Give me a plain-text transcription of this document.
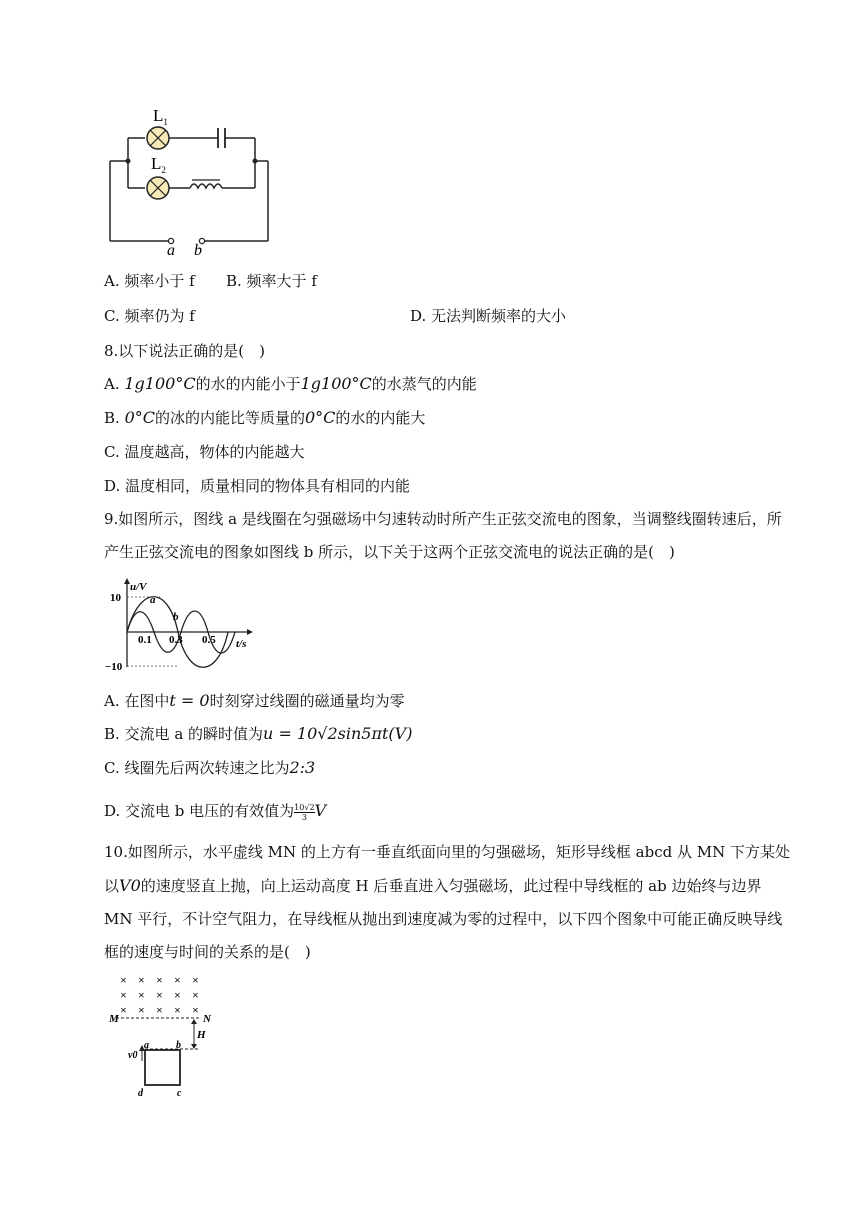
$L_1$
$L_2$
a b
A. 频率小于 f B. 频率大于 f
C. 频率仍为 f	D. 无法判断频率的大小
8.以下说法正确的是(　)
A. 1g100°C的水的内能小于1g100°C的水蒸气的内能
B. 0°C的冰的内能比等质量的0°C的水的内能大
C. 温度越高，物体的内能越大
D. 温度相同，质量相同的物体具有相同的内能
9.如图所示，图线 a 是线圈在匀强磁场中匀速转动时所产生正弦交流电的图象，当调整线圈转速后，所产生正弦交流电的图象如图线 b 所示，以下关于这两个正弦交流电的说法正确的是(　)
u/V
10
−10
0.1 0.3 0.5 t/s
a
b
A. 在图中t = 0时刻穿过线圈的磁通量均为零
B. 交流电 a 的瞬时值为u = 10√2sin5πt(V)
C. 线圈先后两次转速之比为2:3
D. 交流电 b 电压的有效值为 $\frac{10√2}{3}$ V
10.如图所示，水平虚线 MN 的上方有一垂直纸面向里的匀强磁场，矩形导线框 abcd 从 MN 下方某处以V0的速度竖直上抛，向上运动高度 H 后垂直进入匀强磁场，此过程中导线框的 ab 边始终与边界 MN 平行，不计空气阻力，在导线框从抛出到速度减为零的过程中，以下四个图象中可能正确反映导线框的速度与时间的关系的是(　)
× × × × ×
× × × × ×
× × × × ×
M	N
H
v0
a	b
c
d
